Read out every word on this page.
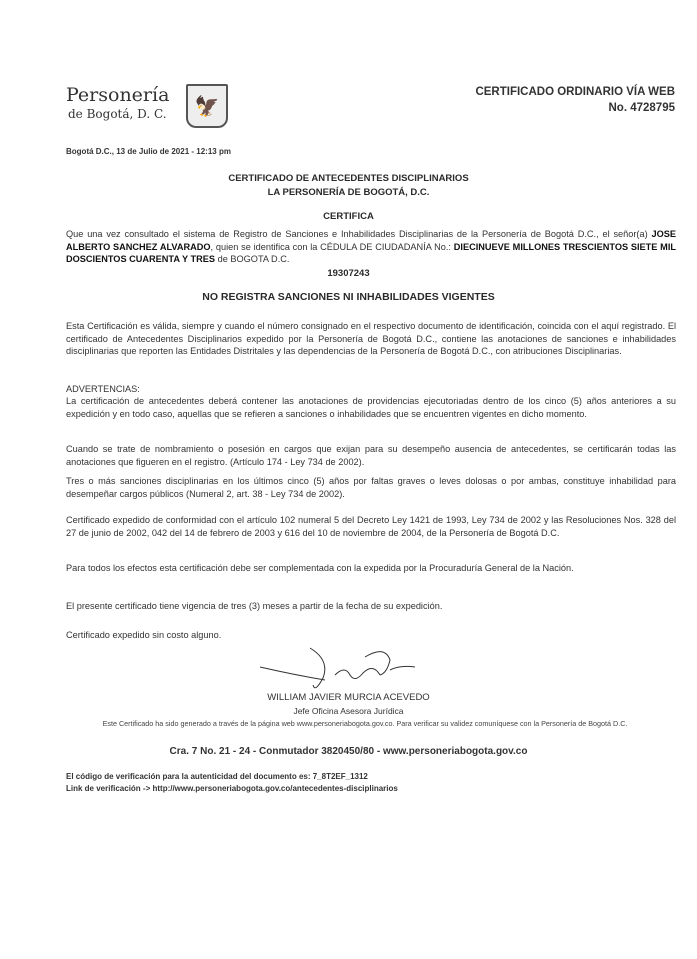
Personería
de Bogotá, D. C.	🦅
CERTIFICADO ORDINARIO VÍA WEB
No. 4728795
Bogotá D.C., 13 de Julio de 2021 - 12:13 pm
CERTIFICADO DE ANTECEDENTES DISCIPLINARIOS
LA PERSONERÍA DE BOGOTÁ, D.C.
CERTIFICA
Que una vez consultado el sistema de Registro de Sanciones e Inhabilidades Disciplinarias de la Personería de Bogotá D.C., el señor(a) JOSE ALBERTO SANCHEZ ALVARADO, quien se identifica con la CÉDULA DE CIUDADANÍA No.: DIECINUEVE MILLONES TRESCIENTOS SIETE MIL DOSCIENTOS CUARENTA Y TRES de BOGOTA D.C.
19307243
NO REGISTRA SANCIONES NI INHABILIDADES VIGENTES
Esta Certificación es válida, siempre y cuando el número consignado en el respectivo documento de identificación, coincida con el aquí registrado. El certificado de Antecedentes Disciplinarios expedido por la Personería de Bogotá D.C., contiene las anotaciones de sanciones e inhabilidades disciplinarias que reporten las Entidades Distritales y las dependencias de la Personería de Bogotá D.C., con atribuciones Disciplinarias.
ADVERTENCIAS:
La certificación de antecedentes deberá contener las anotaciones de providencias ejecutoriadas dentro de los cinco (5) años anteriores a su expedición y en todo caso, aquellas que se refieren a sanciones o inhabilidades que se encuentren vigentes en dicho momento.
Cuando se trate de nombramiento o posesión en cargos que exijan para su desempeño ausencia de antecedentes, se certificarán todas las anotaciones que figueren en el registro. (Artículo 174 - Ley 734 de 2002).
Tres o más sanciones disciplinarias en los últimos cinco (5) años por faltas graves o leves dolosas o por ambas, constituye inhabilidad para desempeñar cargos públicos (Numeral 2, art. 38 - Ley 734 de 2002).
Certificado expedido de conformidad con el artículo 102 numeral 5 del Decreto Ley 1421 de 1993, Ley 734 de 2002 y las Resoluciones Nos. 328 del 27 de junio de 2002, 042 del 14 de febrero de 2003 y 616 del 10 de noviembre de 2004, de la Personería de Bogotá D.C.
Para todos los efectos esta certificación debe ser complementada con la expedida por la Procuraduría General de la Nación.
El presente certificado tiene vigencia de tres (3) meses a partir de la fecha de su expedición.
Certificado expedido sin costo alguno.
WILLIAM JAVIER MURCIA ACEVEDO
Jefe Oficina Asesora Jurídica
Este Certificado ha sido generado a través de la página web www.personeriabogota.gov.co. Para verificar su validez comuníquese con la Personería de Bogotá D.C.
Cra. 7 No. 21 - 24 - Conmutador 3820450/80 - www.personeriabogota.gov.co
El código de verificación para la autenticidad del documento es: 7_8T2EF_1312
Link de verificación -> http://www.personeriabogota.gov.co/antecedentes-disciplinarios
